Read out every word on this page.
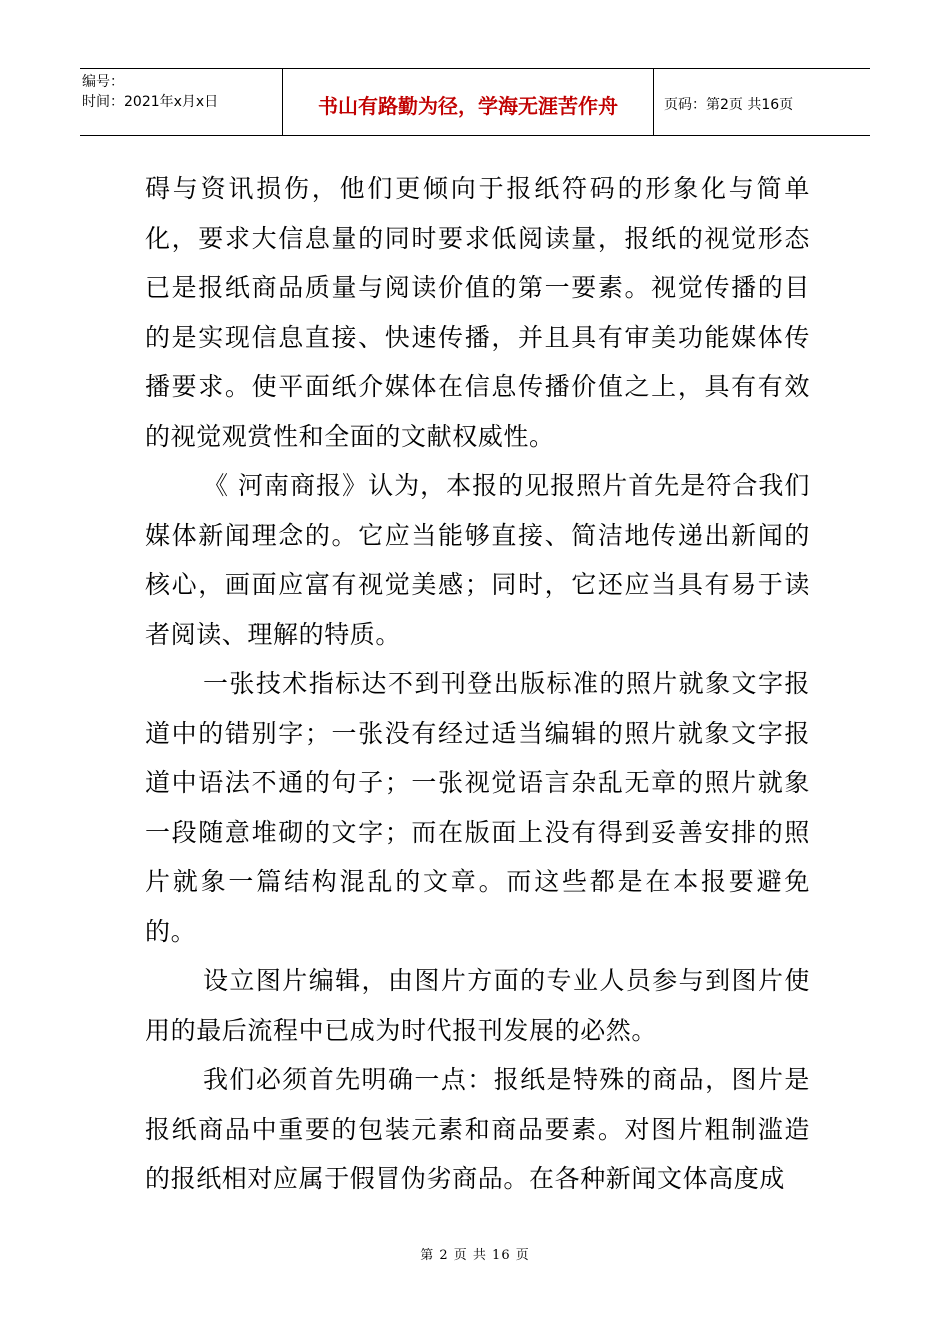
编号：
时间：2021年x月x日	书山有路勤为径，学海无涯苦作舟	页码：第2页 共16页

碍与资讯损伤，他们更倾向于报纸符码的形象化与简单化，要求大信息量的同时要求低阅读量，报纸的视觉形态已是报纸商品质量与阅读价值的第一要素。视觉传播的目的是实现信息直接、快速传播，并且具有审美功能媒体传播要求。使平面纸介媒体在信息传播价值之上，具有有效的视觉观赏性和全面的文献权威性。

《 河南商报》认为，本报的见报照片首先是符合我们媒体新闻理念的。它应当能够直接、简洁地传递出新闻的核心，画面应富有视觉美感；同时，它还应当具有易于读者阅读、理解的特质。

一张技术指标达不到刊登出版标准的照片就象文字报道中的错别字；一张没有经过适当编辑的照片就象文字报道中语法不通的句子；一张视觉语言杂乱无章的照片就象一段随意堆砌的文字；而在版面上没有得到妥善安排的照片就象一篇结构混乱的文章。而这些都是在本报要避免的。

设立图片编辑，由图片方面的专业人员参与到图片使用的最后流程中已成为时代报刊发展的必然。

我们必须首先明确一点：报纸是特殊的商品，图片是报纸商品中重要的包装元素和商品要素。对图片粗制滥造的报纸相对应属于假冒伪劣商品。在各种新闻文体高度成

第 2 页 共 16 页
